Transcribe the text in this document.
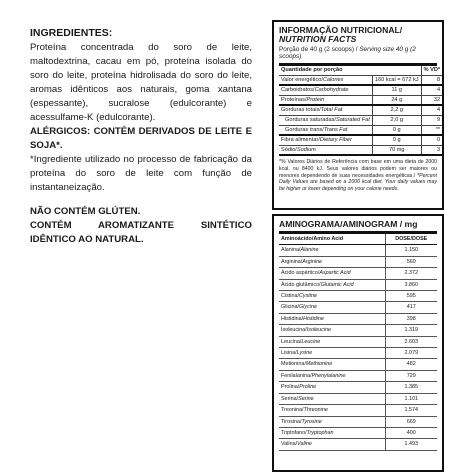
INGREDIENTES:

Proteína concentrada do soro de leite, maltodextrina, cacau em pó, proteína isolada do soro do leite, proteína hidrolisada do soro do leite, aromas idênticos aos naturais, goma xantana (espessante), sucralose (edulcorante) e acessulfame-K (edulcorante).

ALÉRGICOS: CONTÉM DERIVADOS DE LEITE E SOJA*.

*Ingrediente utilizado no processo de fabricação da proteína do soro de leite com função de instantaneização.

NÃO CONTÉM GLÚTEN.

CONTÉM AROMATIZANTE SINTÉTICO IDÊNTICO AO NATURAL.

INFORMAÇÃO NUTRICIONAL/
NUTRITION FACTS
Porção de 40 g (2 scoops) / Serving size 40 g (2 scoops)
Quantidade por porção		% VD*
Valor energético/Calories	160 kcal = 672 kJ	8
Carboidratos/Carbohydrate	11 g	4
Proteínas/Protein	24 g	32
Gorduras totais/Total Fat	2,2 g	4
Gorduras saturadas/Saturated Fat	2,0 g	9
Gorduras trans/Trans Fat	0 g	**
Fibra alimentar/Dietary Fiber	0 g	0
Sódio/Sodium	70 mg	3
*% Valores Diários de Referência com base em uma dieta de 2000 kcal, ou 8400 kJ. Seus valores diários podem ser maiores ou menores dependendo de suas necessidades energéticas./ *Percent Daily Values are based on a 2000 kcal diet. Your daily values may be higher or lower depending on your calorie needs.
AMINOGRAMA/AMINOGRAM / mg
Aminoácido/Amino Acid	DOSE/DOSE
Alanina/Alanine	1.150
Arginina/Arginine	560
Ácido aspártico/Aspartic Acid	2.372
Ácido glutâmico/Glutamic Acid	3.860
Cistina/Cystine	595
Glicina/Glycine	417
Histidina/Histidine	398
Isoleucina/Isoleucine	1.319
Leucina/Leucine	2.603
Lisina/Lysine	2.079
Metionina/Methionine	482
Fenilalanina/Phenylalanine	729
Prolina/Proline	1.385
Serina/Serine	1.101
Treonina/Threonine	1.574
Tirosina/Tyrosine	669
Triptofano/Tryptophan	400
Valina/Valine	1.493
